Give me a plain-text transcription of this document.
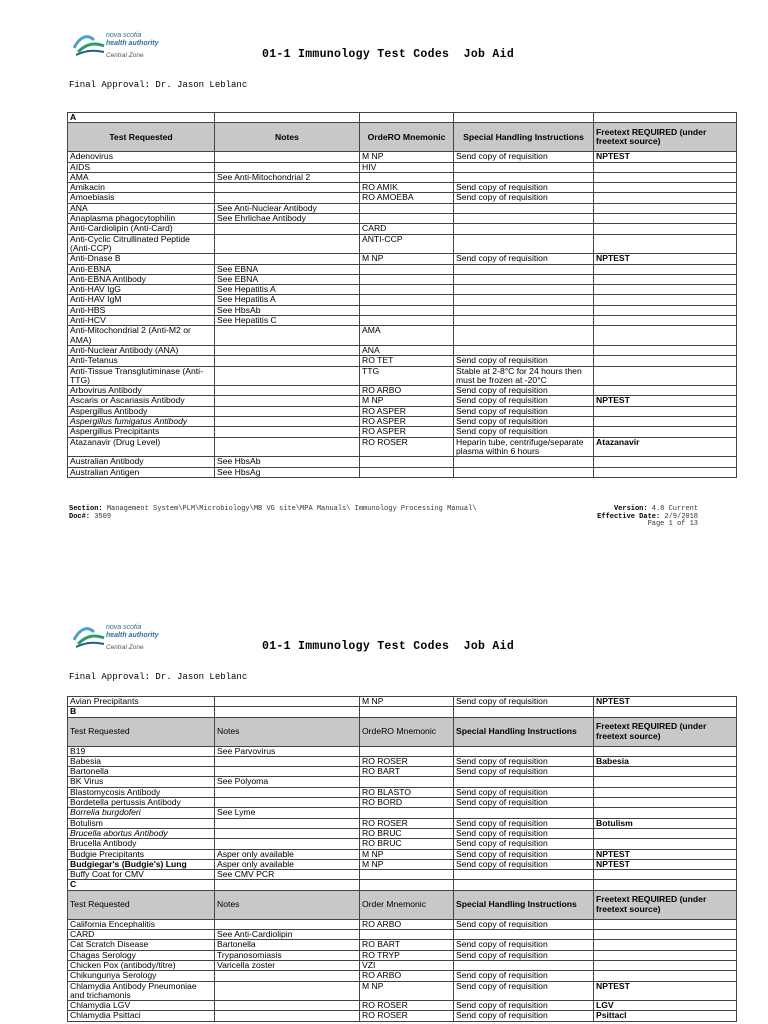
nova scotia
health authority
Central Zone	01-1 Immunology Test Codes  Job Aid
Final Approval: Dr. Jason Leblanc
A				
Test Requested	Notes	OrdeRO Mnemonic	Special Handling Instructions	Freetext REQUIRED (under freetext source)
Adenovirus		M NP	Send copy of requisition	NPTEST
AIDS		HIV		
AMA	See Anti-Mitochondrial 2			
Amikacin		RO AMIK	Send copy of requisition	
Amoebiasis		RO AMOEBA	Send copy of requisition	
ANA	See Anti-Nuclear Antibody			
Anaplasma phagocytophilin	See Ehrlichae Antibody			
Anti-Cardiolipin (Anti-Card)		CARD		
Anti-Cyclic Citrullinated Peptide (Anti-CCP)		ANTI-CCP		
Anti-Dnase B		M NP	Send copy of requisition	NPTEST
Anti-EBNA	See EBNA			
Anti-EBNA Antibody	See EBNA			
Anti-HAV IgG	See Hepatitis A			
Anti-HAV IgM	See Hepatitis A			
Anti-HBS	See HbsAb			
Anti-HCV	See Hepatitis C			
Anti-Mitochondrial 2 (Anti-M2 or AMA)		AMA		
Anti-Nuclear Antibody (ANA)		ANA		
Anti-Tetanus		RO TET	Send copy of requisition	
Anti-Tissue Transglutiminase (Anti-TTG)		TTG	Stable at 2-8°C for 24 hours then must be frozen at -20°C	
Arbovirus Antibody		RO ARBO	Send copy of requisition	
Ascaris or Ascariasis Antibody		M NP	Send copy of requisition	NPTEST
Aspergillus Antibody		RO ASPER	Send copy of requisition	
Aspergillus fumigatus Antibody		RO ASPER	Send copy of requisition	
Aspergillus Precipitants		RO ASPER	Send copy of requisition	
Atazanavir (Drug Level)		RO ROSER	Heparin tube, centrifuge/separate plasma within 6 hours	Atazanavir
Australian Antibody	See HbsAb			
Australian Antigen	See HbsAg			
Section: Management System\PLM\Microbiology\MB VG site\MPA Manuals\ Immunology Processing Manual\
Doc#: 3509
Version: 4.8 Current
Effective Date: 2/9/2018
Page 1 of 13
nova scotia
health authority
Central Zone	01-1 Immunology Test Codes  Job Aid
Final Approval: Dr. Jason Leblanc
Avian Precipitants		M NP	Send copy of requisition	NPTEST
B				
Test Requested	Notes	OrdeRO Mnemonic	Special Handling Instructions	Freetext REQUIRED (under freetext source)
B19	See Parvovirus			
Babesia		RO ROSER	Send copy of requisition	Babesia
Bartonella		RO BART	Send copy of requisition	
BK Virus	See Polyoma			
Blastomycosis Antibody		RO BLASTO	Send copy of requisition	
Bordetella pertussis Antibody		RO BORD	Send copy of requisition	
Borrelia burgdoferi	See Lyme			
Botulism		RO ROSER	Send copy of requisition	Botulism
Brucella abortus Antibody		RO BRUC	Send copy of requisition	
Brucella Antibody		RO BRUC	Send copy of requisition	
Budgie Precipitants	Asper only available	M NP	Send copy of requisition	NPTEST
Budgiegar's (Budgie's) Lung	Asper only available	M NP	Send copy of requisition	NPTEST
Buffy Coat for CMV	See CMV PCR			
C				
Test Requested	Notes	Order Mnemonic	Special Handling Instructions	Freetext REQUIRED (under freetext source)
California Encephalitis		RO ARBO	Send copy of requisition	
CARD	See Anti-Cardiolipin			
Cat Scratch Disease	Bartonella	RO BART	Send copy of requisition	
Chagas Serology	Trypanosomiasis	RO TRYP	Send copy of requisition	
Chicken Pox (antibody/titre)	Varicella zoster	VZI		
Chikungunya Serology		RO ARBO	Send copy of requisition	
Chlamydia Antibody Pneumoniae and trichamonis		M NP	Send copy of requisition	NPTEST
Chlamydia LGV		RO ROSER	Send copy of requisition	LGV
Chlamydia Psittaci		RO ROSER	Send copy of requisition	Psittacl
